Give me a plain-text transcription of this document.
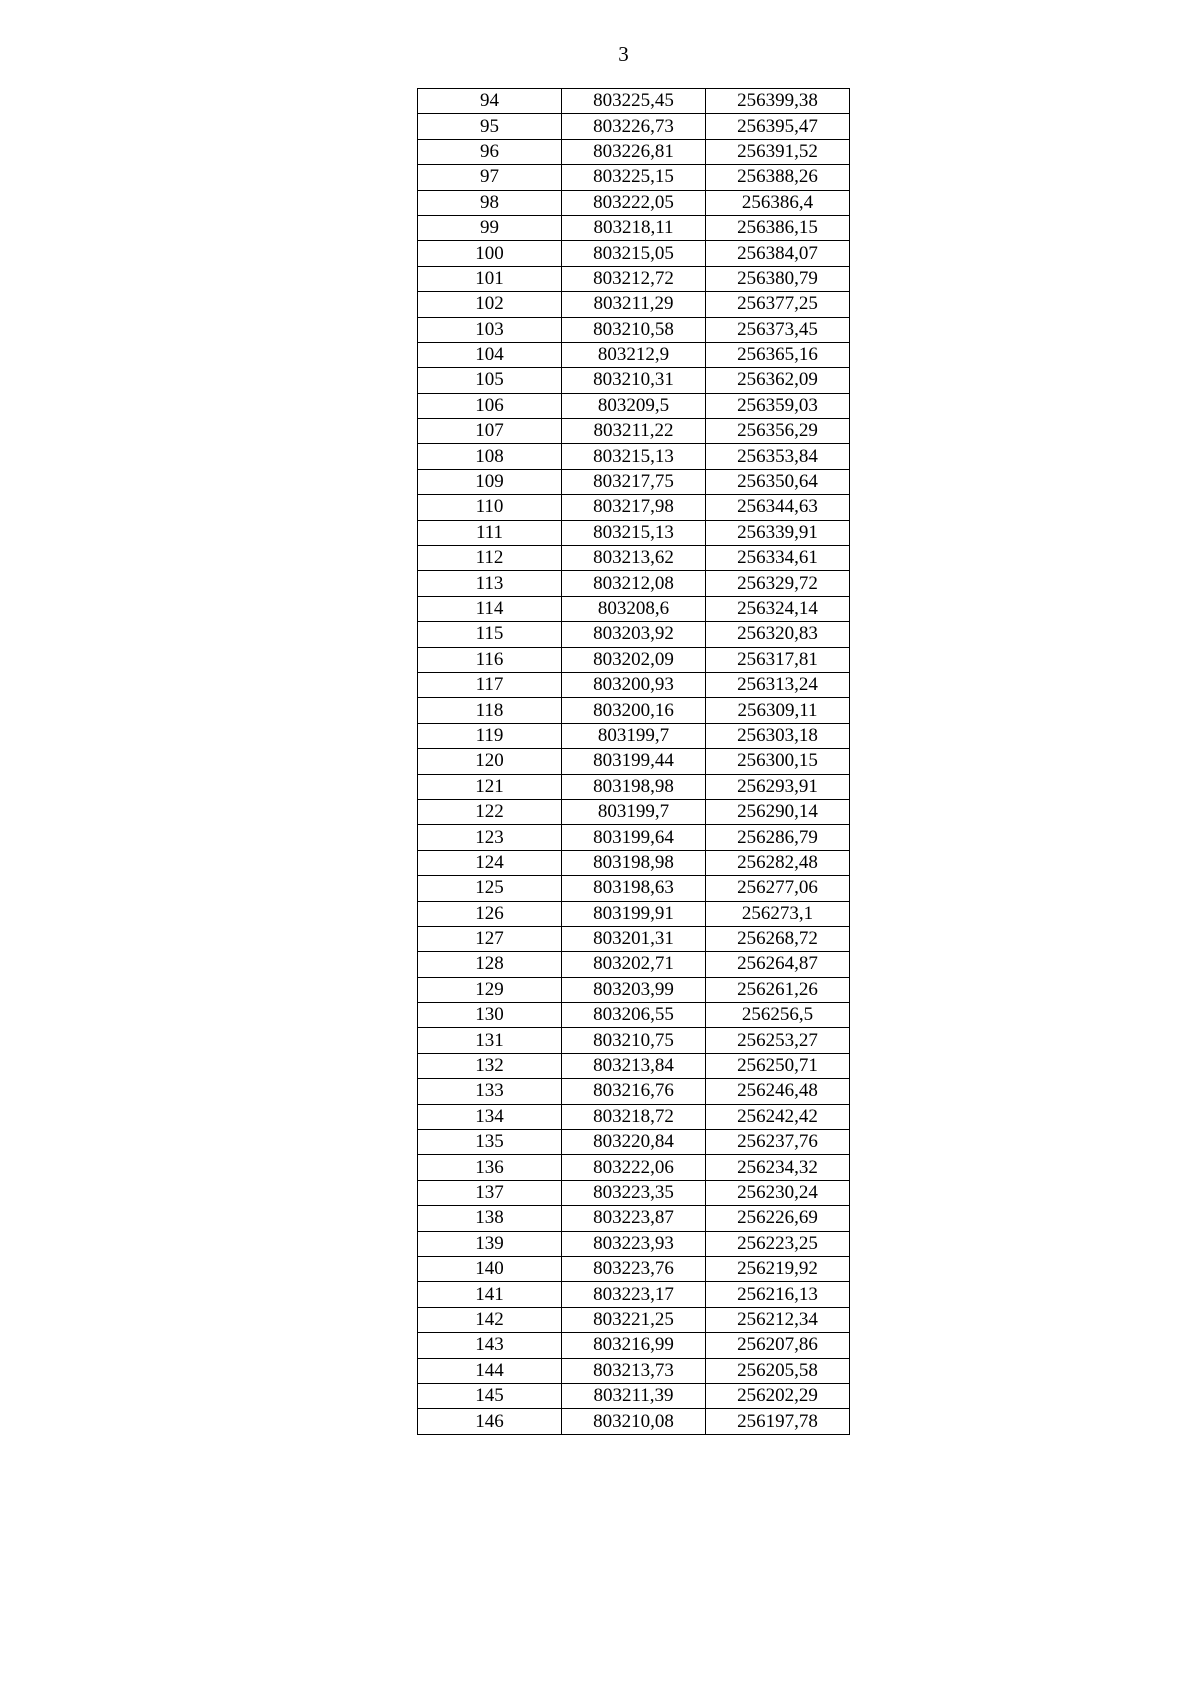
3
94	803225,45	256399,38
95	803226,73	256395,47
96	803226,81	256391,52
97	803225,15	256388,26
98	803222,05	256386,4
99	803218,11	256386,15
100	803215,05	256384,07
101	803212,72	256380,79
102	803211,29	256377,25
103	803210,58	256373,45
104	803212,9	256365,16
105	803210,31	256362,09
106	803209,5	256359,03
107	803211,22	256356,29
108	803215,13	256353,84
109	803217,75	256350,64
110	803217,98	256344,63
111	803215,13	256339,91
112	803213,62	256334,61
113	803212,08	256329,72
114	803208,6	256324,14
115	803203,92	256320,83
116	803202,09	256317,81
117	803200,93	256313,24
118	803200,16	256309,11
119	803199,7	256303,18
120	803199,44	256300,15
121	803198,98	256293,91
122	803199,7	256290,14
123	803199,64	256286,79
124	803198,98	256282,48
125	803198,63	256277,06
126	803199,91	256273,1
127	803201,31	256268,72
128	803202,71	256264,87
129	803203,99	256261,26
130	803206,55	256256,5
131	803210,75	256253,27
132	803213,84	256250,71
133	803216,76	256246,48
134	803218,72	256242,42
135	803220,84	256237,76
136	803222,06	256234,32
137	803223,35	256230,24
138	803223,87	256226,69
139	803223,93	256223,25
140	803223,76	256219,92
141	803223,17	256216,13
142	803221,25	256212,34
143	803216,99	256207,86
144	803213,73	256205,58
145	803211,39	256202,29
146	803210,08	256197,78
